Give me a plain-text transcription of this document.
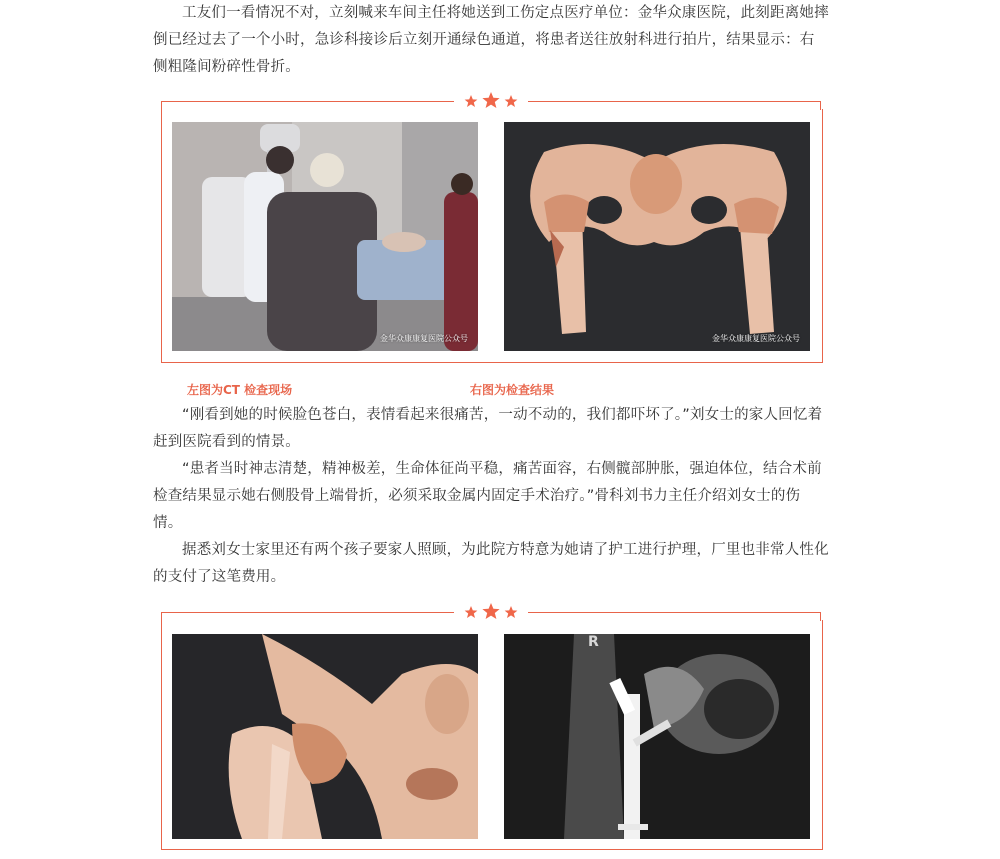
工友们一看情况不对，立刻喊来车间主任将她送到工伤定点医疗单位：金华众康医院，此刻距离她摔倒已经过去了一个小时，急诊科接诊后立刻开通绿色通道，将患者送往放射科进行拍片，结果显示：右侧粗隆间粉碎性骨折。

金华众康康复医院公众号	金华众康康复医院公众号
左图为CT 检查现场	右图为检查结果

“刚看到她的时候脸色苍白，表情看起来很痛苦，一动不动的，我们都吓坏了。”刘女士的家人回忆着赶到医院看到的情景。

“患者当时神志清楚，精神极差，生命体征尚平稳，痛苦面容，右侧髋部肿胀，强迫体位，结合术前检查结果显示她右侧股骨上端骨折，必须采取金属内固定手术治疗。”骨科刘书力主任介绍刘女士的伤情。

据悉刘女士家里还有两个孩子要家人照顾，为此院方特意为她请了护工进行护理，厂里也非常人性化的支付了这笔费用。

R
